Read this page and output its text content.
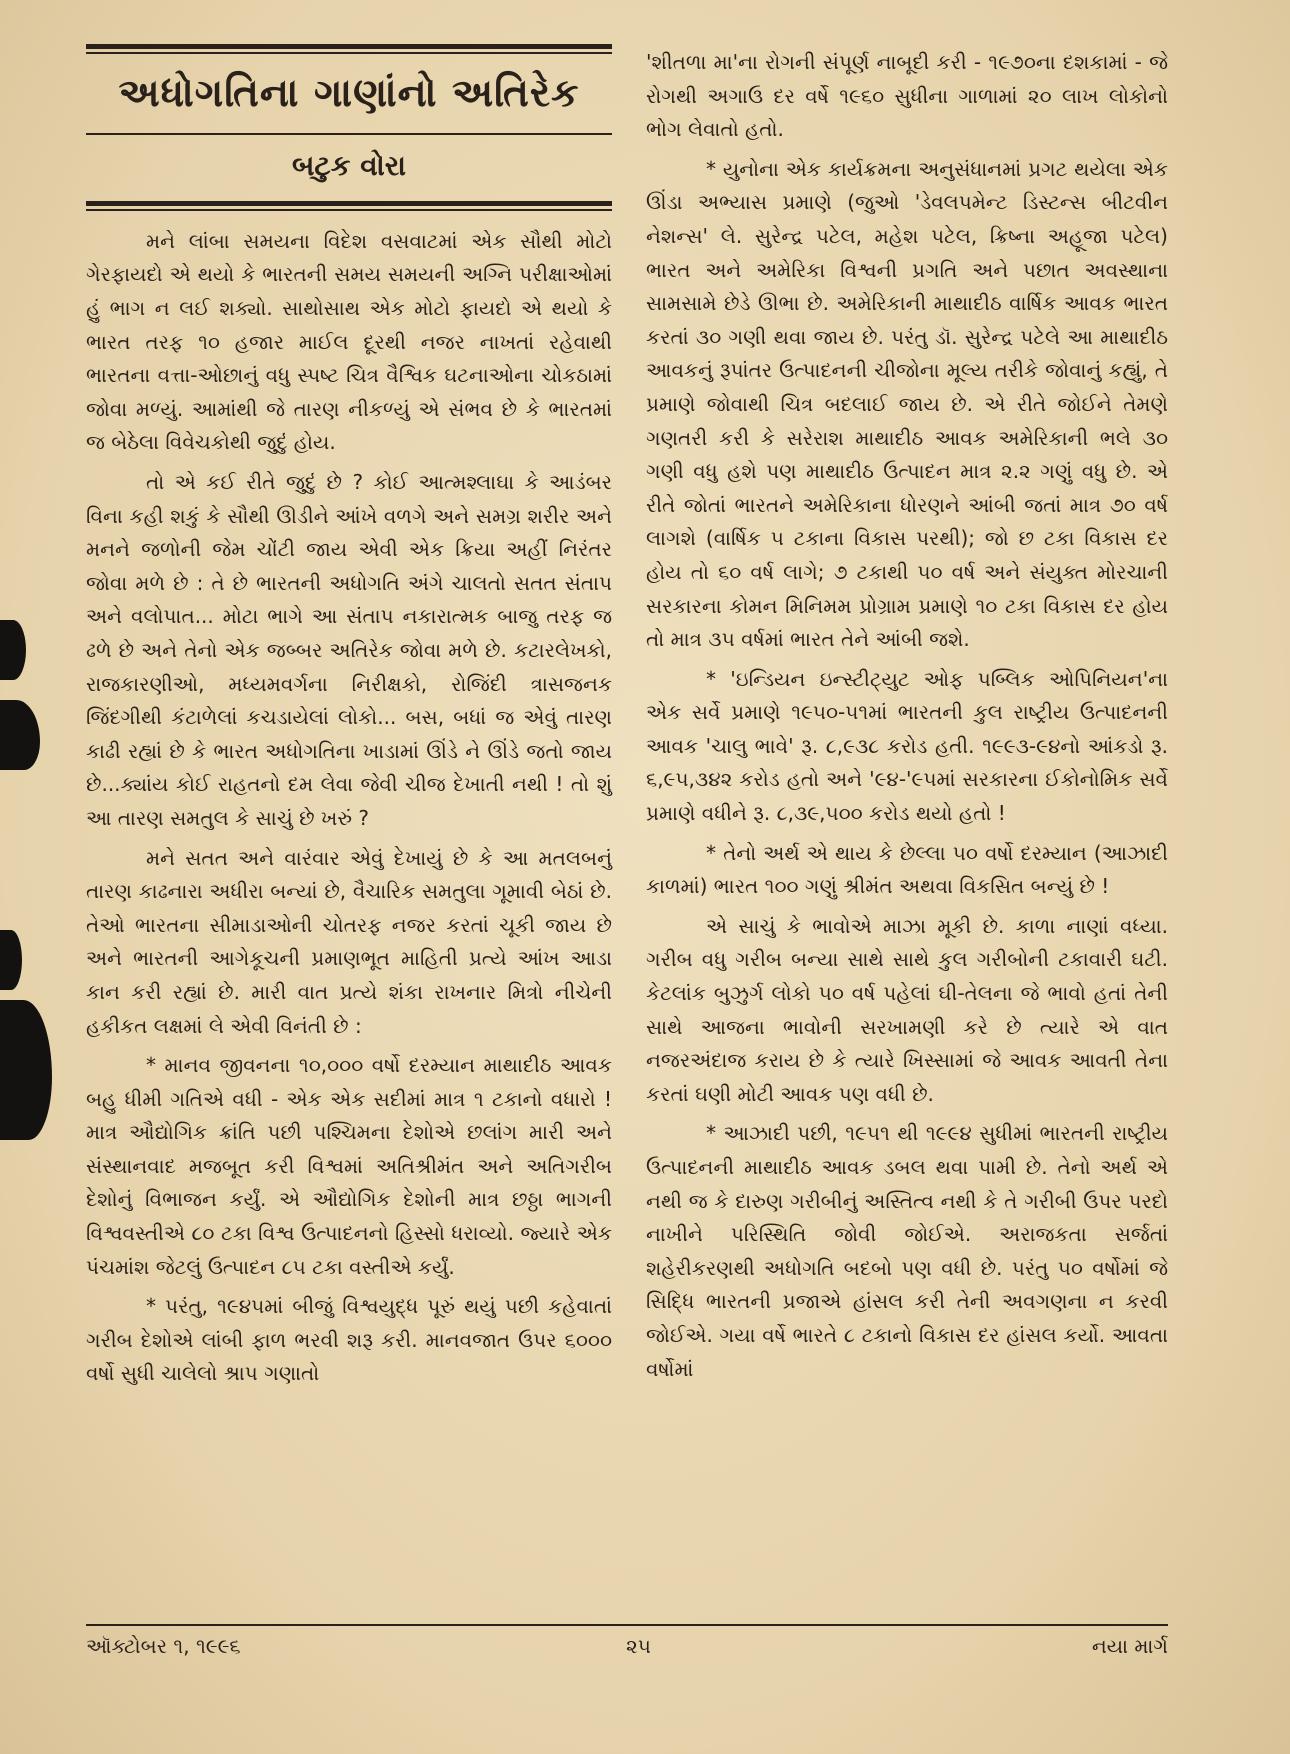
અધોગતિના ગાણાંનો અતિરેક
બટુક વોરા

મને લાંબા સમયના વિદેશ વસવાટમાં એક સૌથી મોટો ગેરફાયદો એ થયો કે ભારતની સમય સમયની અગ્નિ પરીક્ષાઓમાં હું ભાગ ન લઈ શક્યો. સાથોસાથ એક મોટો ફાયદો એ થયો કે ભારત તરફ ૧૦ હજાર માઈલ દૂરથી નજર નાખતાં રહેવાથી ભારતના વત્તા-ઓછાનું વધુ સ્પષ્ટ ચિત્ર વૈશ્વિક ઘટનાઓના ચોકઠામાં જોવા મળ્યું. આમાંથી જે તારણ નીકળ્યું એ સંભવ છે કે ભારતમાં જ બેઠેલા વિવેચકોથી જુદું હોય.

તો એ કઈ રીતે જુદું છે ? કોઈ આત્મશ્લાઘા કે આડંબર વિના કહી શકું કે સૌથી ઊડીને આંખે વળગે અને સમગ્ર શરીર અને મનને જળોની જેમ ચોંટી જાય એવી એક ક્રિયા અહીં નિરંતર જોવા મળે છે : તે છે ભારતની અધોગતિ અંગે ચાલતો સતત સંતાપ અને વલોપાત... મોટા ભાગે આ સંતાપ નકારાત્મક બાજુ તરફ જ ઢળે છે અને તેનો એક જબ્બર અતિરેક જોવા મળે છે. કટારલેખકો, રાજકારણીઓ, મધ્યમવર્ગના નિરીક્ષકો, રોજિંદી ત્રાસજનક જિંદગીથી કંટાળેલાં કચડાયેલાં લોકો... બસ, બધાં જ એવું તારણ કાઢી રહ્યાં છે કે ભારત અધોગતિના ખાડામાં ઊંડે ને ઊંડે જતો જાય છે...ક્યાંય કોઈ રાહતનો દમ લેવા જેવી ચીજ દેખાતી નથી ! તો શું આ તારણ સમતુલ કે સાચું છે ખરું ?

મને સતત અને વારંવાર એવું દેખાયું છે કે આ મતલબનું તારણ કાઢનારા અધીરા બન્યાં છે, વૈચારિક સમતુલા ગૂમાવી બેઠાં છે. તેઓ ભારતના સીમાડાઓની ચોતરફ નજર કરતાં ચૂકી જાય છે અને ભારતની આગેકૂચની પ્રમાણભૂત માહિતી પ્રત્યે આંખ આડા કાન કરી રહ્યાં છે. મારી વાત પ્રત્યે શંકા રાખનાર મિત્રો નીચેની હકીકત લક્ષમાં લે એવી વિનંતી છે :

* માનવ જીવનના ૧૦,૦૦૦ વર્ષો દરમ્યાન માથાદીઠ આવક બહુ ધીમી ગતિએ વધી - એક એક સદીમાં માત્ર ૧ ટકાનો વધારો ! માત્ર ઔદ્યોગિક ક્રાંતિ પછી પશ્ચિમના દેશોએ છલાંગ મારી અને સંસ્થાનવાદ મજબૂત કરી વિશ્વમાં અતિશ્રીમંત અને અતિગરીબ દેશોનું વિભાજન કર્યું. એ ઔદ્યોગિક દેશોની માત્ર છઠ્ઠા ભાગની વિશ્વવસ્તીએ ૮૦ ટકા વિશ્વ ઉત્પાદનનો હિસ્સો ધરાવ્યો. જ્યારે એક પંચમાંશ જેટલું ઉત્પાદન ૮૫ ટકા વસ્તીએ કર્યું.

* પરંતુ, ૧૯૪૫માં બીજું વિશ્વયુદ્ધ પૂરું થયું પછી કહેવાતાં ગરીબ દેશોએ લાંબી ફાળ ભરવી શરૂ કરી. માનવજાત ઉપર ૬૦૦૦ વર્ષો સુધી ચાલેલો શ્રાપ ગણાતો

'શીતળા મા'ના રોગની સંપૂર્ણ નાબૂદી કરી - ૧૯૭૦ના દશકામાં - જે રોગથી અગાઉ દર વર્ષે ૧૯૬૦ સુધીના ગાળામાં ૨૦ લાખ લોકોનો ભોગ લેવાતો હતો.

* યુનોના એક કાર્યક્રમના અનુસંધાનમાં પ્રગટ થયેલા એક ઊંડા અભ્યાસ પ્રમાણે (જુઓ 'ડેવલપમેન્ટ ડિસ્ટન્સ બીટવીન નેશન્સ' લે. સુરેન્દ્ર પટેલ, મહેશ પટેલ, ક્રિષ્ના અહૂજા પટેલ) ભારત અને અમેરિકા વિશ્વની પ્રગતિ અને પછાત અવસ્થાના સામસામે છેડે ઊભા છે. અમેરિકાની માથાદીઠ વાર્ષિક આવક ભારત કરતાં ૩૦ ગણી થવા જાય છે. પરંતુ ડૉ. સુરેન્દ્ર પટેલે આ માથાદીઠ આવકનું રૂપાંતર ઉત્પાદનની ચીજોના મૂલ્ય તરીકે જોવાનું કહ્યું, તે પ્રમાણે જોવાથી ચિત્ર બદલાઈ જાય છે. એ રીતે જોઈને તેમણે ગણતરી કરી કે સરેરાશ માથાદીઠ આવક અમેરિકાની ભલે ૩૦ ગણી વધુ હશે પણ માથાદીઠ ઉત્પાદન માત્ર ૨.૨ ગણું વધુ છે. એ રીતે જોતાં ભારતને અમેરિકાના ધોરણને આંબી જતાં માત્ર ૭૦ વર્ષ લાગશે (વાર્ષિક ૫ ટકાના વિકાસ પરથી); જો છ ટકા વિકાસ દર હોય તો ૬૦ વર્ષ લાગે; ૭ ટકાથી ૫૦ વર્ષ અને સંયુક્ત મોરચાની સરકારના કોમન મિનિમમ પ્રોગ્રામ પ્રમાણે ૧૦ ટકા વિકાસ દર હોય તો માત્ર ૩૫ વર્ષમાં ભારત તેને આંબી જશે.

* 'ઇન્ડિયન ઇન્સ્ટીટ્યુટ ઓફ પબ્લિક ઓપિનિયન'ના એક સર્વે પ્રમાણે ૧૯૫૦-૫૧માં ભારતની કુલ રાષ્ટ્રીય ઉત્પાદનની આવક 'ચાલુ ભાવે' રૂ. ૮,૯૩૮ કરોડ હતી. ૧૯૯૩-૯૪નો આંકડો રૂ. ૬,૯૫,૩૪૨ કરોડ હતો અને '૯૪-'૯૫માં સરકારના ઈકોનોમિક સર્વે પ્રમાણે વધીને રૂ. ૮,૩૯,૫૦૦ કરોડ થયો હતો !

* તેનો અર્થ એ થાય કે છેલ્લા ૫૦ વર્ષો દરમ્યાન (આઝાદી કાળમાં) ભારત ૧૦૦ ગણું શ્રીમંત અથવા વિકસિત બન્યું છે !

એ સાચું કે ભાવોએ માઝા મૂકી છે. કાળા નાણાં વધ્યા. ગરીબ વધુ ગરીબ બન્યા સાથે સાથે કુલ ગરીબોની ટકાવારી ઘટી. કેટલાંક બુઝુર્ગ લોકો ૫૦ વર્ષ પહેલાં ઘી-તેલના જે ભાવો હતાં તેની સાથે આજના ભાવોની સરખામણી કરે છે ત્યારે એ વાત નજરઅંદાજ કરાય છે કે ત્યારે ખિસ્સામાં જે આવક આવતી તેના કરતાં ઘણી મોટી આવક પણ વધી છે.

* આઝાદી પછી, ૧૯૫૧ થી ૧૯૯૪ સુધીમાં ભારતની રાષ્ટ્રીય ઉત્પાદનની માથાદીઠ આવક ડબલ થવા પામી છે. તેનો અર્થ એ નથી જ કે દારુણ ગરીબીનું અસ્તિત્વ નથી કે તે ગરીબી ઉપર પરદો નાખીને પરિસ્થિતિ જોવી જોઈએ. અરાજકતા સર્જતાં શહેરીકરણથી અધોગતિ બદબો પણ વધી છે. પરંતુ ૫૦ વર્ષોમાં જે સિદ્ધિ ભારતની પ્રજાએ હાંસલ કરી તેની અવગણના ન કરવી જોઈએ. ગયા વર્ષે ભારતે ૮ ટકાનો વિકાસ દર હાંસલ કર્યો. આવતા વર્ષોમાં

ઑક્ટોબર ૧, ૧૯૯૬	૨૫	નયા માર્ગ
